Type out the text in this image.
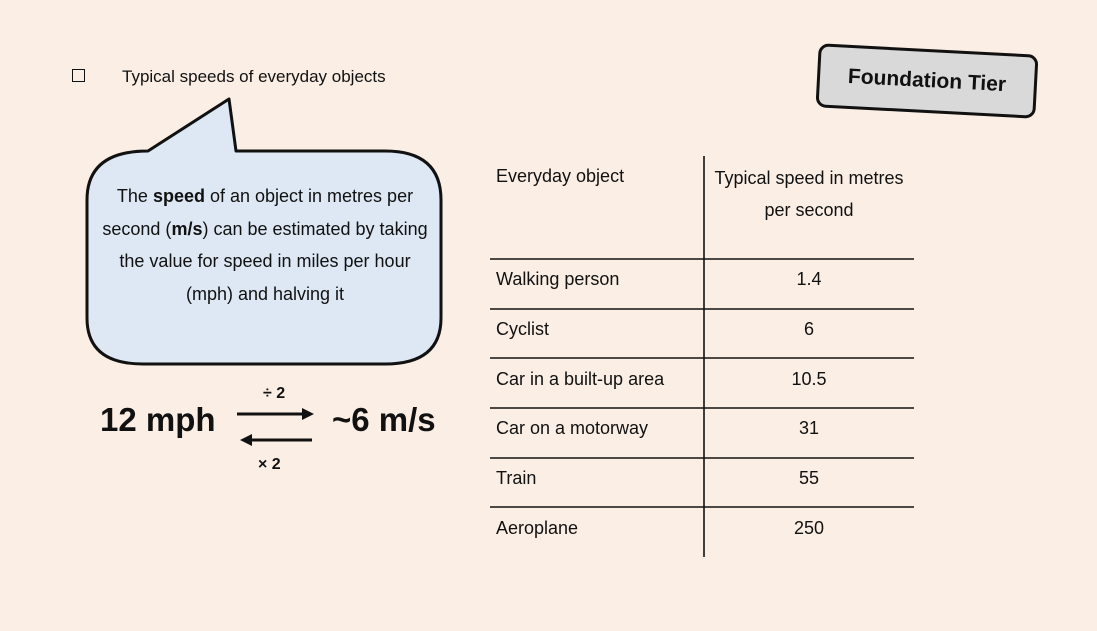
Typical speeds of everyday objects	Foundation Tier
The speed of an object in metres per second (m/s) can be estimated by taking the value for speed in miles per hour (mph) and halving it
12 mph	~6 m/s
÷ 2
× 2
Everyday object	Typical speed in metres per second
Walking person	1.4
Cyclist	6
Car in a built-up area	10.5
Car on a motorway	31
Train	55
Aeroplane	250
